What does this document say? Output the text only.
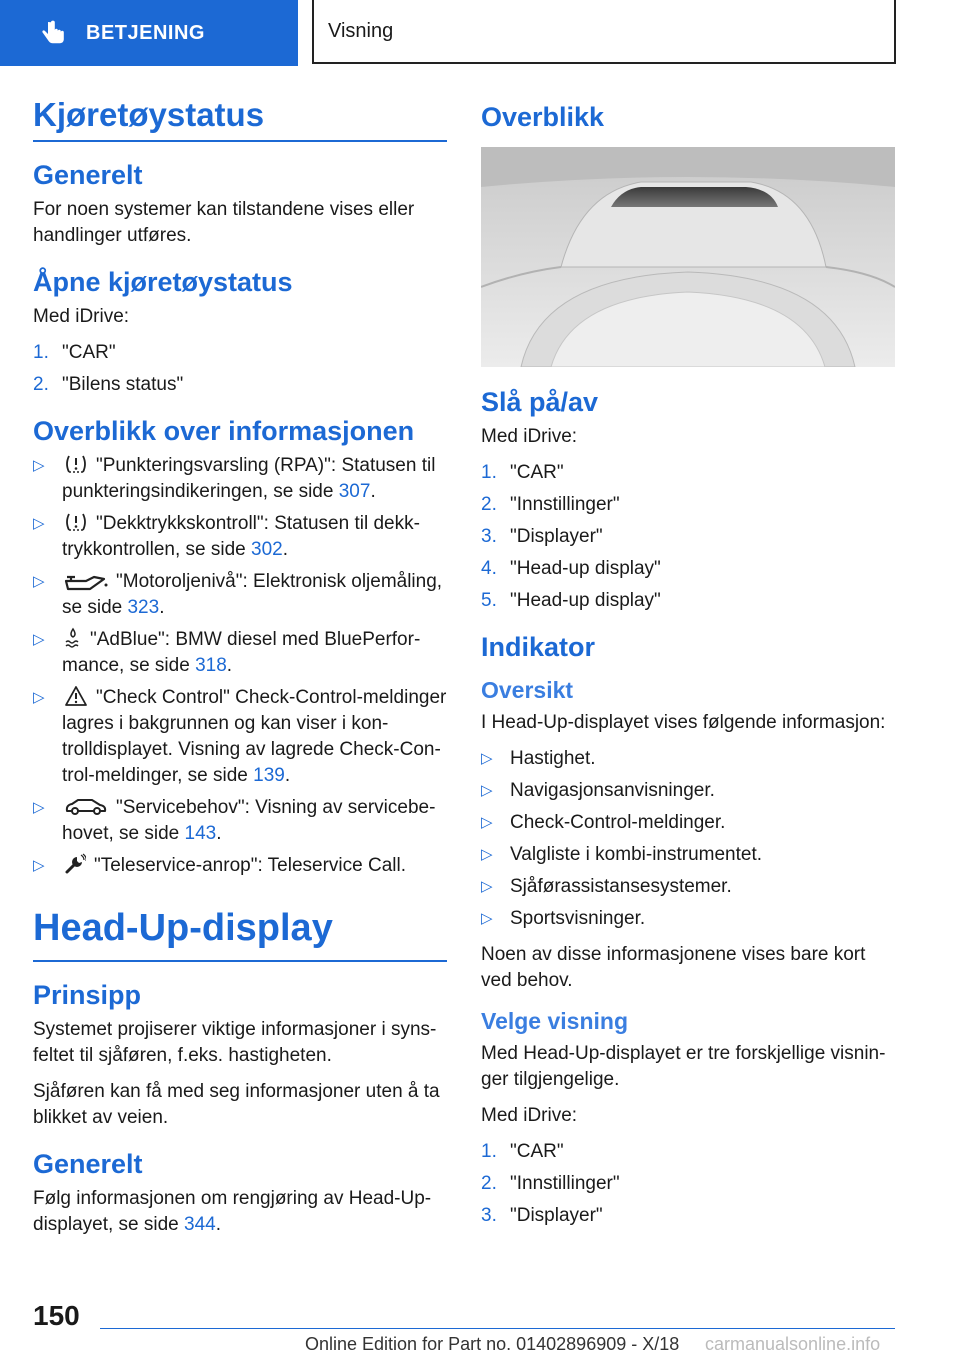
BETJENING	Visning
Kjøretøystatus
Generelt

For noen systemer kan tilstandene vises eller handlinger utføres.

Åpne kjøretøystatus

Med iDrive:

1. "CAR"
2. "Bilens status"
Overblikk over informasjonen
▷	"Punkteringsvarsling (RPA)": Statusen til punkteringsindikeringen, se side 307.
▷	"Dekktrykkskontroll": Statusen til dekktrykkontrollen, se side 302.
▷	"Motoroljenivå": Elektronisk oljemåling, se side 323.
▷	"AdBlue": BMW diesel med BluePerformance, se side 318.
▷	"Check Control" Check-Control-meldinger lagres i bakgrunnen og kan viser i kontrolldisplayet. Visning av lagrede Check-Control-meldinger, se side 139.
▷	"Servicebehov": Visning av servicebehovet, se side 143.
▷	"Teleservice-anrop": Teleservice Call.
Head-Up-display
Prinsipp

Systemet projiserer viktige informasjoner i synsfeltet til sjåføren, f.eks. hastigheten.

Sjåføren kan få med seg informasjoner uten å ta blikket av veien.

Generelt

Følg informasjonen om rengjøring av Head-Up-displayet, se side 344.

Overblikk
Slå på/av

Med iDrive:

1. "CAR"
2. "Innstillinger"
3. "Displayer"
4. "Head-up display"
5. "Head-up display"
Indikator
Oversikt

I Head-Up-displayet vises følgende informasjon:

▷ Hastighet.
▷ Navigasjonsanvisninger.
▷ Check-Control-meldinger.
▷ Valgliste i kombi-instrumentet.
▷ Sjåførassistansesystemer.
▷ Sportsvisninger.

Noen av disse informasjonene vises bare kort ved behov.

Velge visning

Med Head-Up-displayet er tre forskjellige visninger tilgjengelige.

Med iDrive:

1. "CAR"
2. "Innstillinger"
3. "Displayer"
150
Online Edition for Part no. 01402896909 - X/18 carmanualsonline.info
